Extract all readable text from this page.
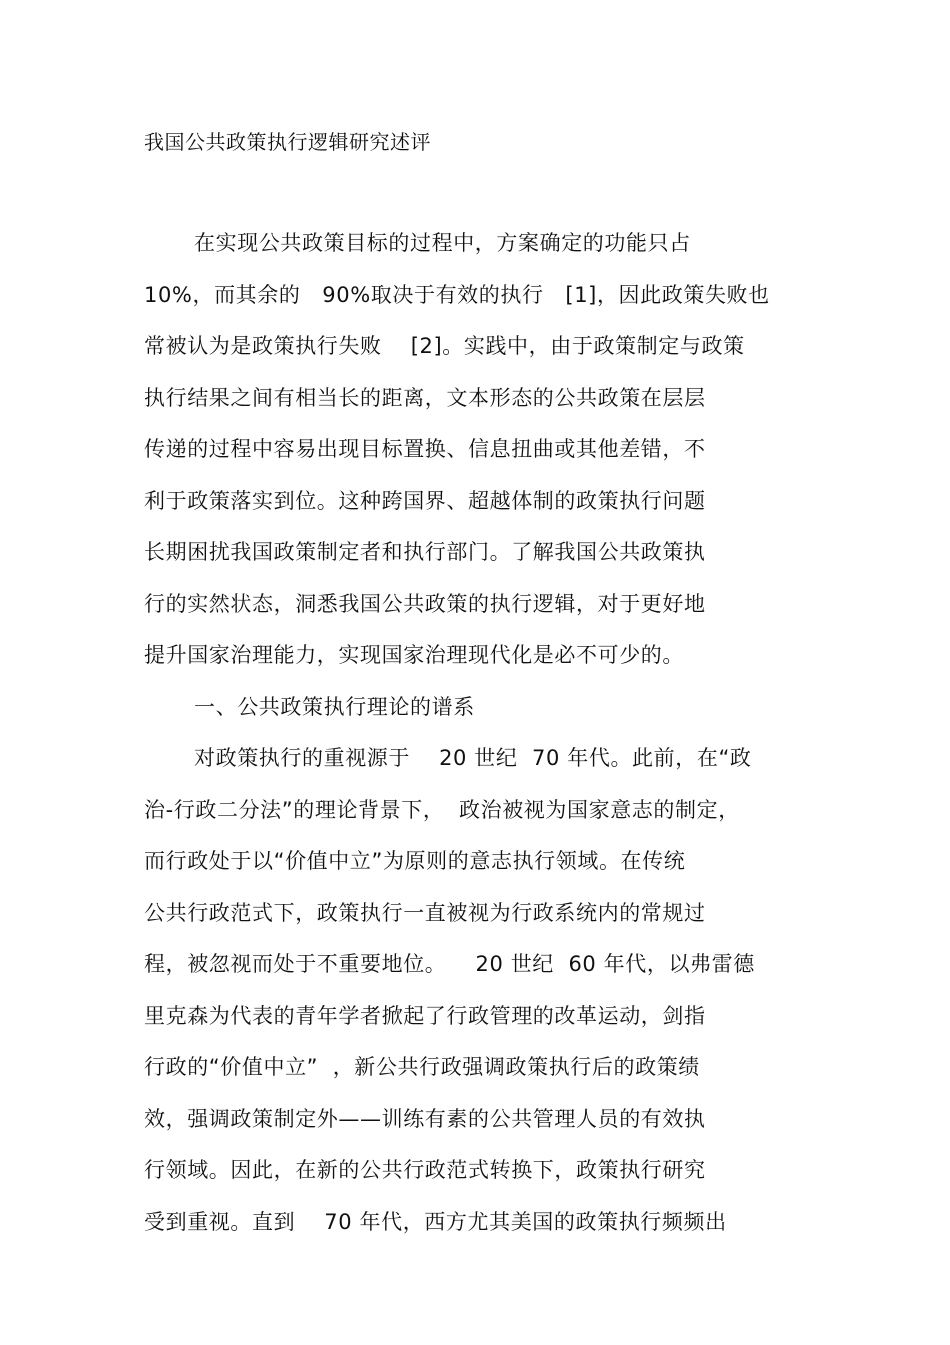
我国公共政策执行逻辑研究述评
在实现公共政策目标的过程中，方案确定的功能只占
10%，而其余的   90%取决于有效的执行   [1]，因此政策失败也
常被认为是政策执行失败    [2]。实践中，由于政策制定与政策
执行结果之间有相当长的距离，文本形态的公共政策在层层
传递的过程中容易出现目标置换、信息扭曲或其他差错，不
利于政策落实到位。这种跨国界、超越体制的政策执行问题
长期困扰我国政策制定者和执行部门。了解我国公共政策执
行的实然状态，洞悉我国公共政策的执行逻辑，对于更好地
提升国家治理能力，实现国家治理现代化是必不可少的。
一、公共政策执行理论的谱系
对政策执行的重视源于    20 世纪  70 年代。此前，在“政
治-行政二分法”的理论背景下，  政治被视为国家意志的制定，
而行政处于以“价值中立”为原则的意志执行领域。在传统
公共行政范式下，政策执行一直被视为行政系统内的常规过
程，被忽视而处于不重要地位。    20 世纪  60 年代，以弗雷德
里克森为代表的青年学者掀起了行政管理的改革运动，剑指
行政的“价值中立”  ，新公共行政强调政策执行后的政策绩
效，强调政策制定外——训练有素的公共管理人员的有效执
行领域。因此，在新的公共行政范式转换下，政策执行研究
受到重视。直到    70 年代，西方尤其美国的政策执行频频出
